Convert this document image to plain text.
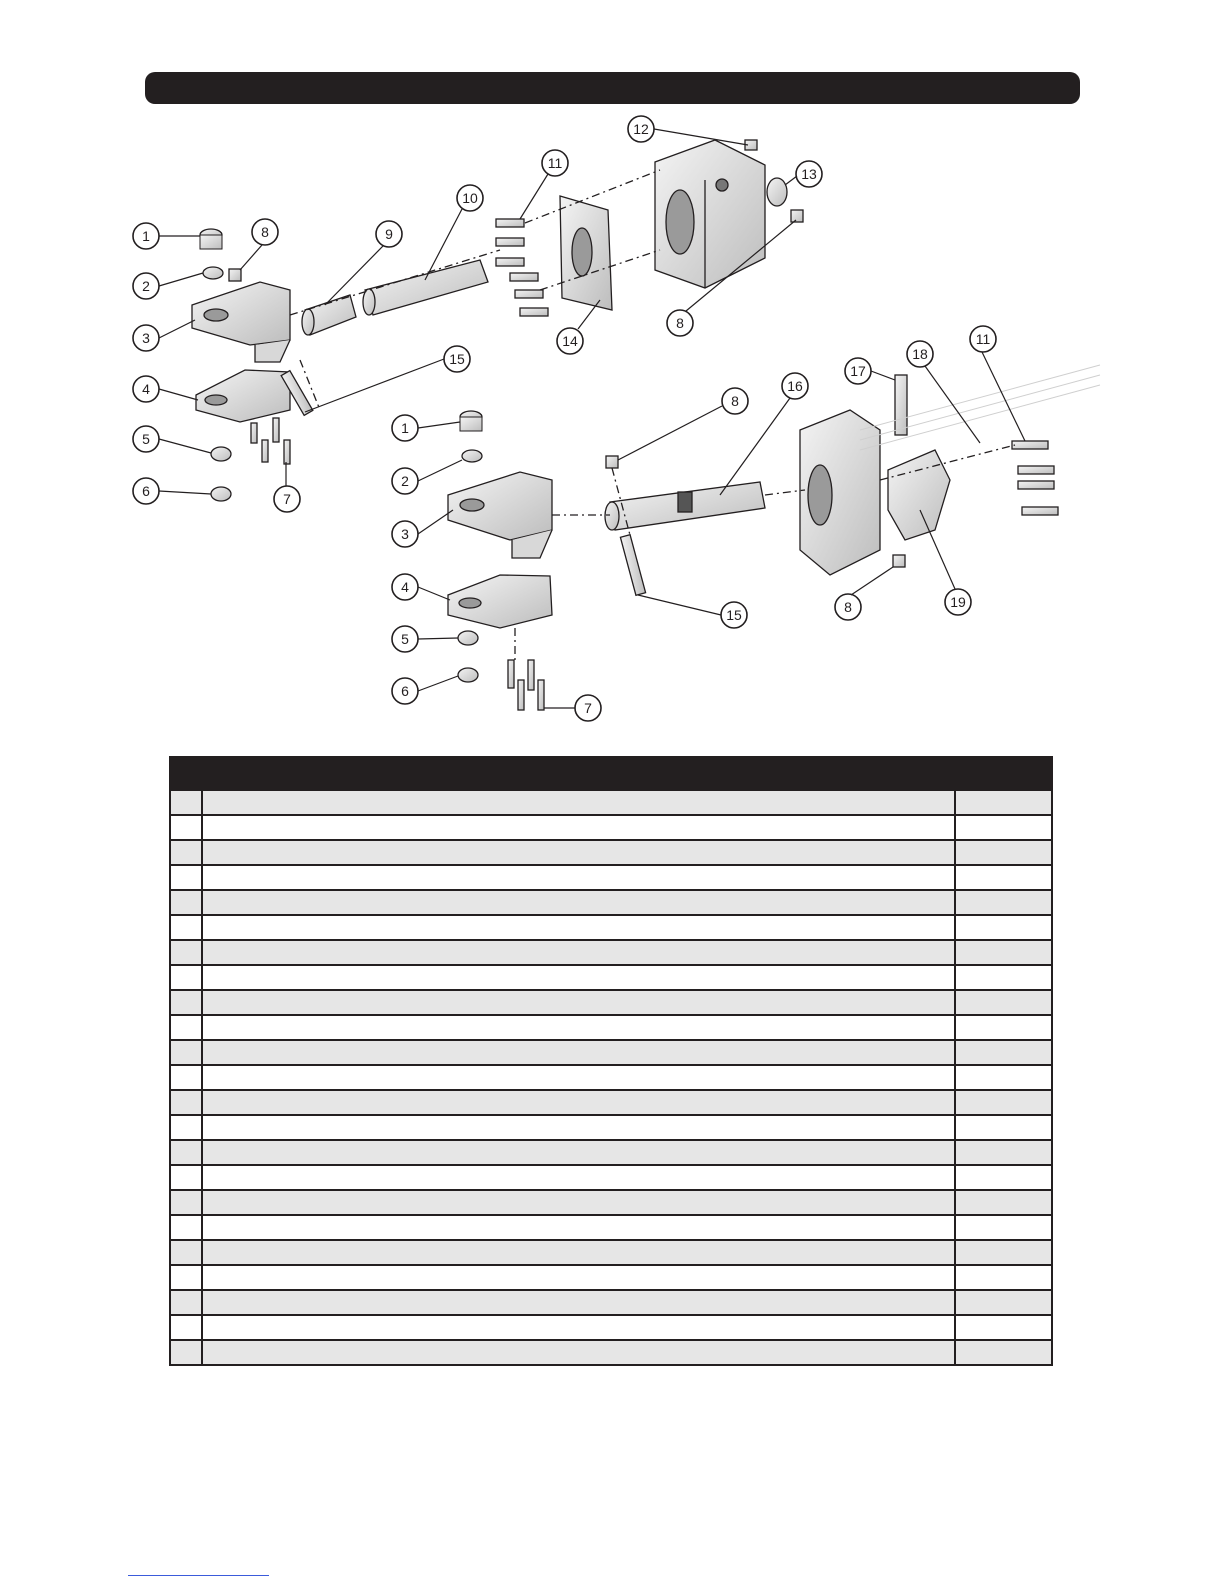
1
2
8
3
4
5
6	7
9
10
11
12
13
14
8
15
1
2
3
4
5
6
7
8
15
16
17
18
11
19
8
